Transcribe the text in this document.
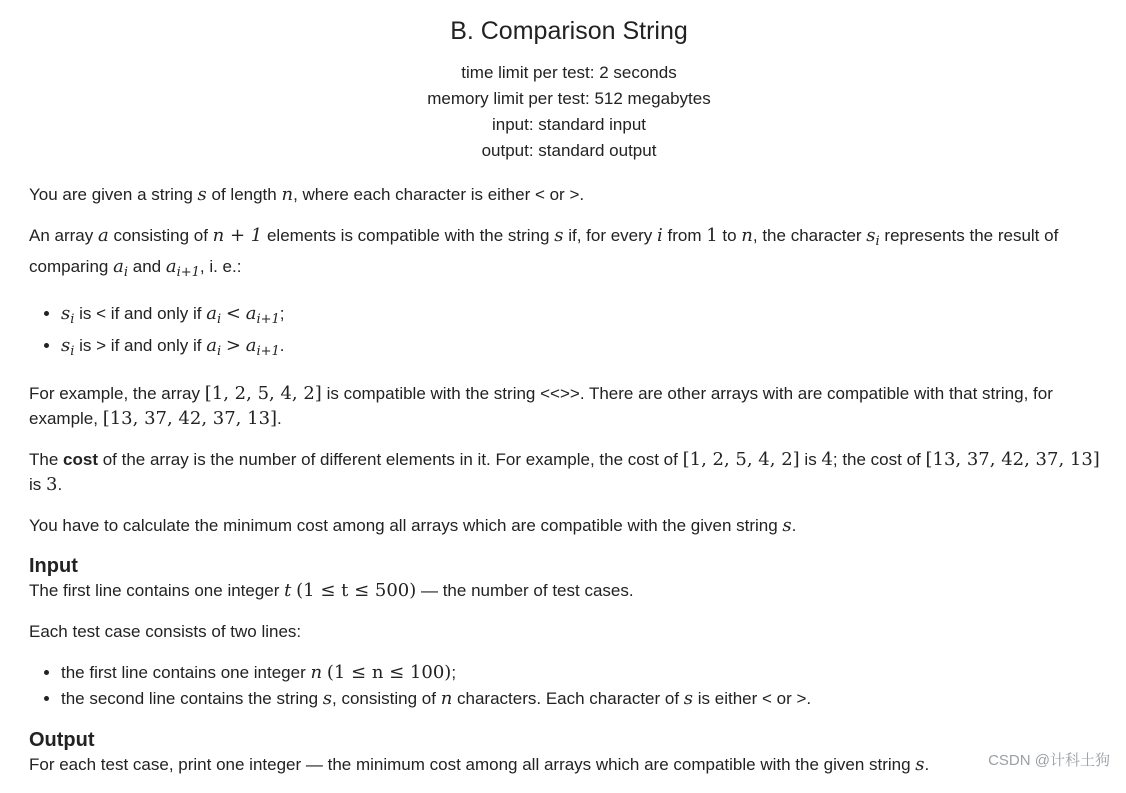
B. Comparison String
time limit per test: 2 seconds
memory limit per test: 512 megabytes
input: standard input
output: standard output

You are given a string s of length n, where each character is either < or >.

An array a consisting of n + 1 elements is compatible with the string s if, for every i from 1 to n, the character $s_i$ represents the result of comparing $a_i$ and $a_{i+1}$, i. e.:

• $s_i$ is < if and only if $a_i < a_{i+1}$;
• $s_i$ is > if and only if $a_i > a_{i+1}$.

For example, the array [1, 2, 5, 4, 2] is compatible with the string <<>>. There are other arrays with are compatible with that string, for example, [13, 37, 42, 37, 13].

The cost of the array is the number of different elements in it. For example, the cost of [1, 2, 5, 4, 2] is 4; the cost of [13, 37, 42, 37, 13] is 3.

You have to calculate the minimum cost among all arrays which are compatible with the given string s.

Input

The first line contains one integer t (1 ≤ t ≤ 500) — the number of test cases.

Each test case consists of two lines:

• the first line contains one integer n (1 ≤ n ≤ 100);
• the second line contains the string s, consisting of n characters. Each character of s is either < or >.
Output

For each test case, print one integer — the minimum cost among all arrays which are compatible with the given string s.	CSDN @计科土狗
